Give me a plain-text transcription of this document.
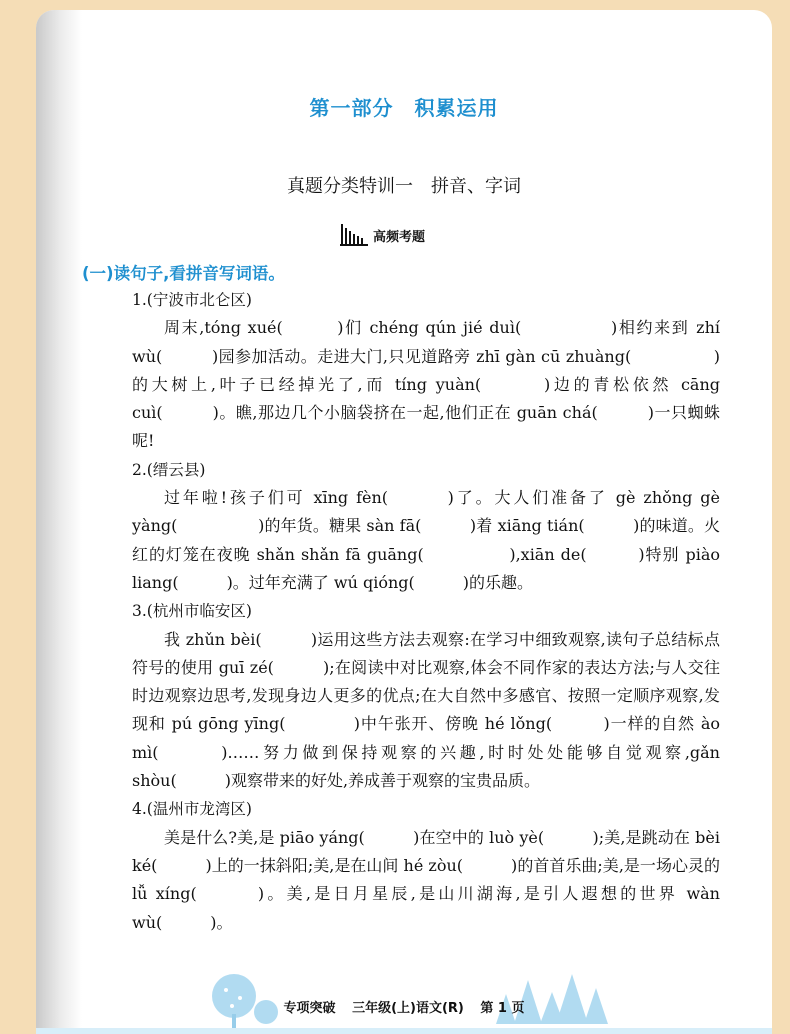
第一部分　积累运用
真题分类特训一　拼音、字词
高频考题
(一)读句子,看拼音写词语。

1.(宁波市北仑区)

周末,tóng xué(　　　)们 chéng qún jié duì(　　　　　)相约来到 zhí wù(　　　)园参加活动。走进大门,只见道路旁 zhī gàn cū zhuàng(　　　　　)的大树上,叶子已经掉光了,而 tíng yuàn(　　　)边的青松依然 cāng cuì(　　　)。瞧,那边几个小脑袋挤在一起,他们正在 guān chá(　　　)一只蜘蛛呢!

2.(缙云县)

过年啦!孩子们可 xīng fèn(　　　)了。大人们准备了 gè zhǒng gè yàng(　　　　　)的年货。糖果 sàn fā(　　　)着 xiāng tián(　　　)的味道。火红的灯笼在夜晚 shǎn shǎn fā guāng(　　　　　),xiān de(　　　)特别 piào liang(　　　)。过年充满了 wú qióng(　　　)的乐趣。

3.(杭州市临安区)

我 zhǔn bèi(　　　)运用这些方法去观察:在学习中细致观察,读句子总结标点符号的使用 guī zé(　　　);在阅读中对比观察,体会不同作家的表达方法;与人交往时边观察边思考,发现身边人更多的优点;在大自然中多感官、按照一定顺序观察,发现和 pú gōng yīng(　　　　)中午张开、傍晚 hé lǒng(　　　)一样的自然 ào mì(　　　)……努力做到保持观察的兴趣,时时处处能够自觉观察,gǎn shòu(　　　)观察带来的好处,养成善于观察的宝贵品质。

4.(温州市龙湾区)

美是什么?美,是 piāo yáng(　　　)在空中的 luò yè(　　　);美,是跳动在 bèi ké(　　　)上的一抹斜阳;美,是在山间 hé zòu(　　　)的首首乐曲;美,是一场心灵的 lǚ xíng(　　　)。美,是日月星辰,是山川湖海,是引人遐想的世界 wàn wù(　　　)。

专项突破 三年级(上)语文(R) 第 1 页
